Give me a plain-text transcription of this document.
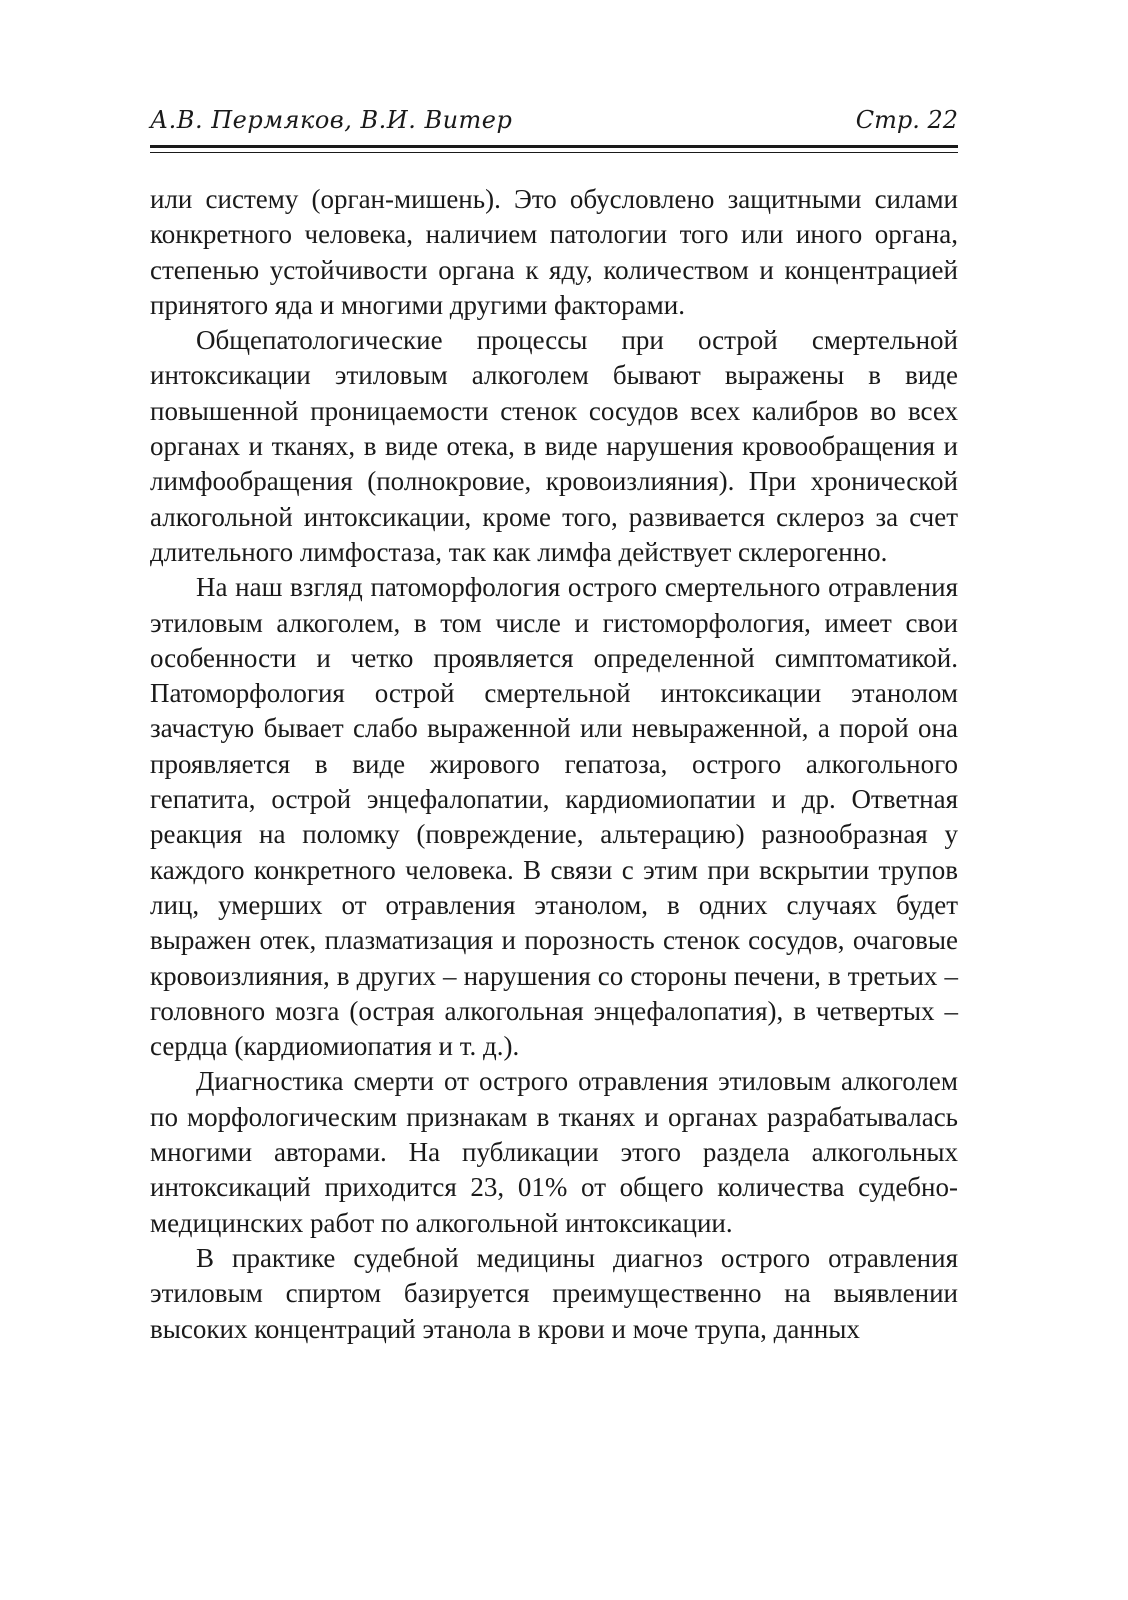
А.В. Пермяков, В.И. Витер	Стр. 22

или систему (орган-мишень). Это обусловлено защитными силами конкретного человека, наличием патологии того или иного органа, степенью устойчивости органа к яду, количеством и концентрацией принятого яда и многими другими факторами.

Общепатологические процессы при острой смертельной интоксикации этиловым алкоголем бывают выражены в виде повышенной проницаемости стенок сосудов всех калибров во всех органах и тканях, в виде отека, в виде нарушения кровообращения и лимфообращения (полнокровие, кровоизлияния). При хронической алкогольной интоксикации, кроме того, развивается склероз за счет длительного лимфостаза, так как лимфа действует склерогенно.

На наш взгляд патоморфология острого смертельного отравления этиловым алкоголем, в том числе и гистоморфология, имеет свои особенности и четко проявляется определенной симптоматикой. Патоморфология острой смертельной интоксикации этанолом зачастую бывает слабо выраженной или невыраженной, а порой она проявляется в виде жирового гепатоза, острого алкогольного гепатита, острой энцефалопатии, кардиомиопатии и др. Ответная реакция на поломку (повреждение, альтерацию) разнообразная у каждого конкретного человека. В связи с этим при вскрытии трупов лиц, умерших от отравления этанолом, в одних случаях будет выражен отек, плазматизация и порозность стенок сосудов, очаговые кровоизлияния, в других – нарушения со стороны печени, в третьих – головного мозга (острая алкогольная энцефалопатия), в четвертых – сердца (кардиомиопатия и т. д.).

Диагностика смерти от острого отравления этиловым алкоголем по морфологическим признакам в тканях и органах разрабатывалась многими авторами. На публикации этого раздела алкогольных интоксикаций приходится 23, 01% от общего количества судебно-медицинских работ по алкогольной интоксикации.

В практике судебной медицины диагноз острого отравления этиловым спиртом базируется преимущественно на выявлении высоких концентраций этанола в крови и моче трупа, данных
